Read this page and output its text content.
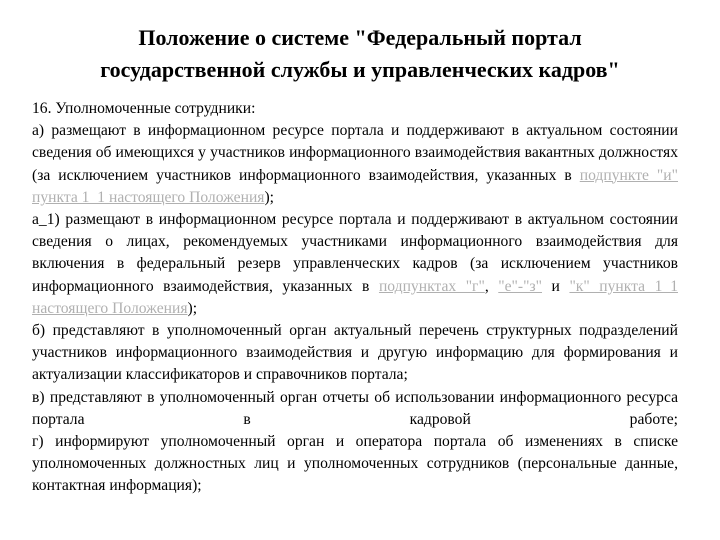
Положение о системе "Федеральный портал
государственной службы и управленческих кадров"

16. Уполномоченные сотрудники:

а) размещают в информационном ресурсе портала и поддерживают в актуальном состоянии сведения об имеющихся у участников информационного взаимодействия вакантных должностях (за исключением участников информационного взаимодействия, указанных в подпункте "и" пункта 1_1 настоящего Положения);

а_1) размещают в информационном ресурсе портала и поддерживают в актуальном состоянии сведения о лицах, рекомендуемых участниками информационного взаимодействия для включения в федеральный резерв управленческих кадров (за исключением участников информационного взаимодействия, указанных в подпунктах "г", "е"-"з" и "к" пункта 1_1 настоящего Положения);

б) представляют в уполномоченный орган актуальный перечень структурных подразделений участников информационного взаимодействия и другую информацию для формирования и актуализации классификаторов и справочников портала;

в) представляют в уполномоченный орган отчеты об использовании информационного ресурса портала в кадровой работе;

г) информируют уполномоченный орган и оператора портала об изменениях в списке уполномоченных должностных лиц и уполномоченных сотрудников (персональные данные, контактная информация);
